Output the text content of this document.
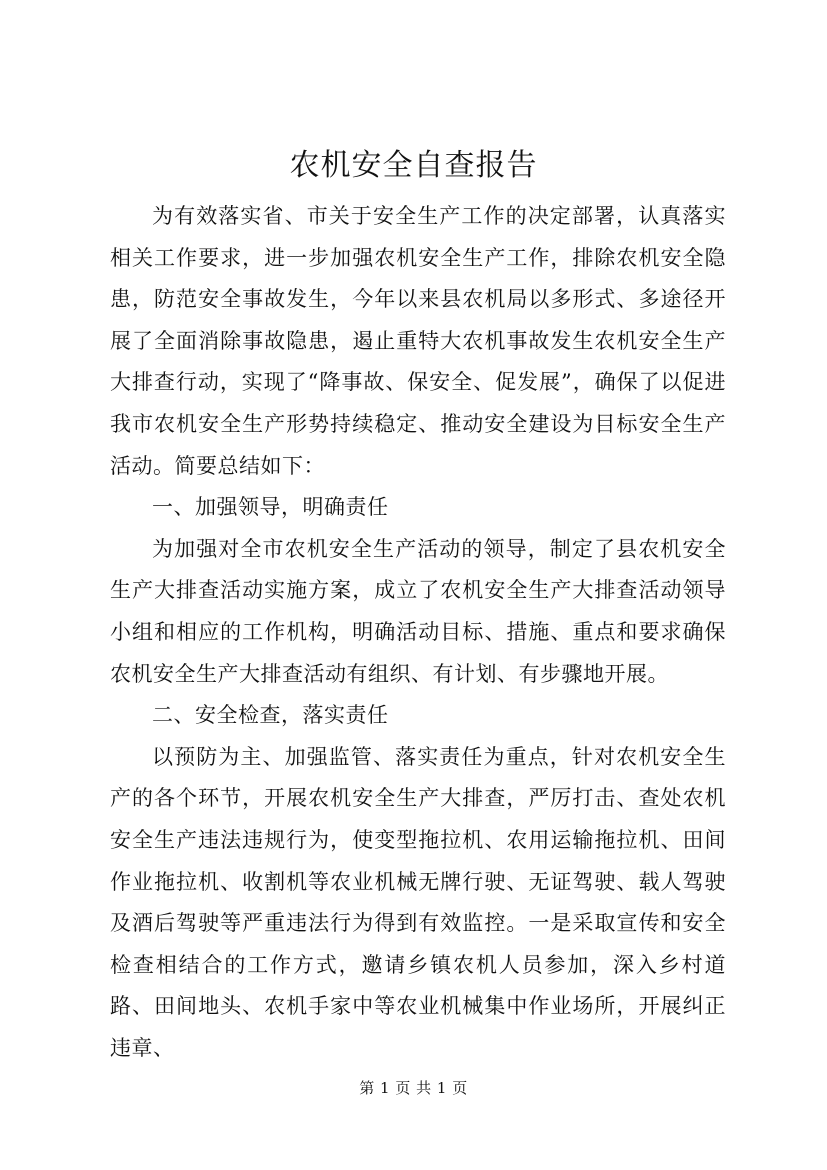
农机安全自查报告

为有效落实省、市关于安全生产工作的决定部署，认真落实相关工作要求，进一步加强农机安全生产工作，排除农机安全隐患，防范安全事故发生，今年以来县农机局以多形式、多途径开展了全面消除事故隐患，遏止重特大农机事故发生农机安全生产大排查行动，实现了“降事故、保安全、促发展”，确保了以促进我市农机安全生产形势持续稳定、推动安全建设为目标安全生产活动。简要总结如下：

一、加强领导，明确责任

为加强对全市农机安全生产活动的领导，制定了县农机安全生产大排查活动实施方案，成立了农机安全生产大排查活动领导小组和相应的工作机构，明确活动目标、措施、重点和要求确保农机安全生产大排查活动有组织、有计划、有步骤地开展。

二、安全检查，落实责任

以预防为主、加强监管、落实责任为重点，针对农机安全生产的各个环节，开展农机安全生产大排查，严厉打击、查处农机安全生产违法违规行为，使变型拖拉机、农用运输拖拉机、田间作业拖拉机、收割机等农业机械无牌行驶、无证驾驶、载人驾驶及酒后驾驶等严重违法行为得到有效监控。一是采取宣传和安全检查相结合的工作方式，邀请乡镇农机人员参加，深入乡村道路、田间地头、农机手家中等农业机械集中作业场所，开展纠正违章、

第 1 页 共 1 页
